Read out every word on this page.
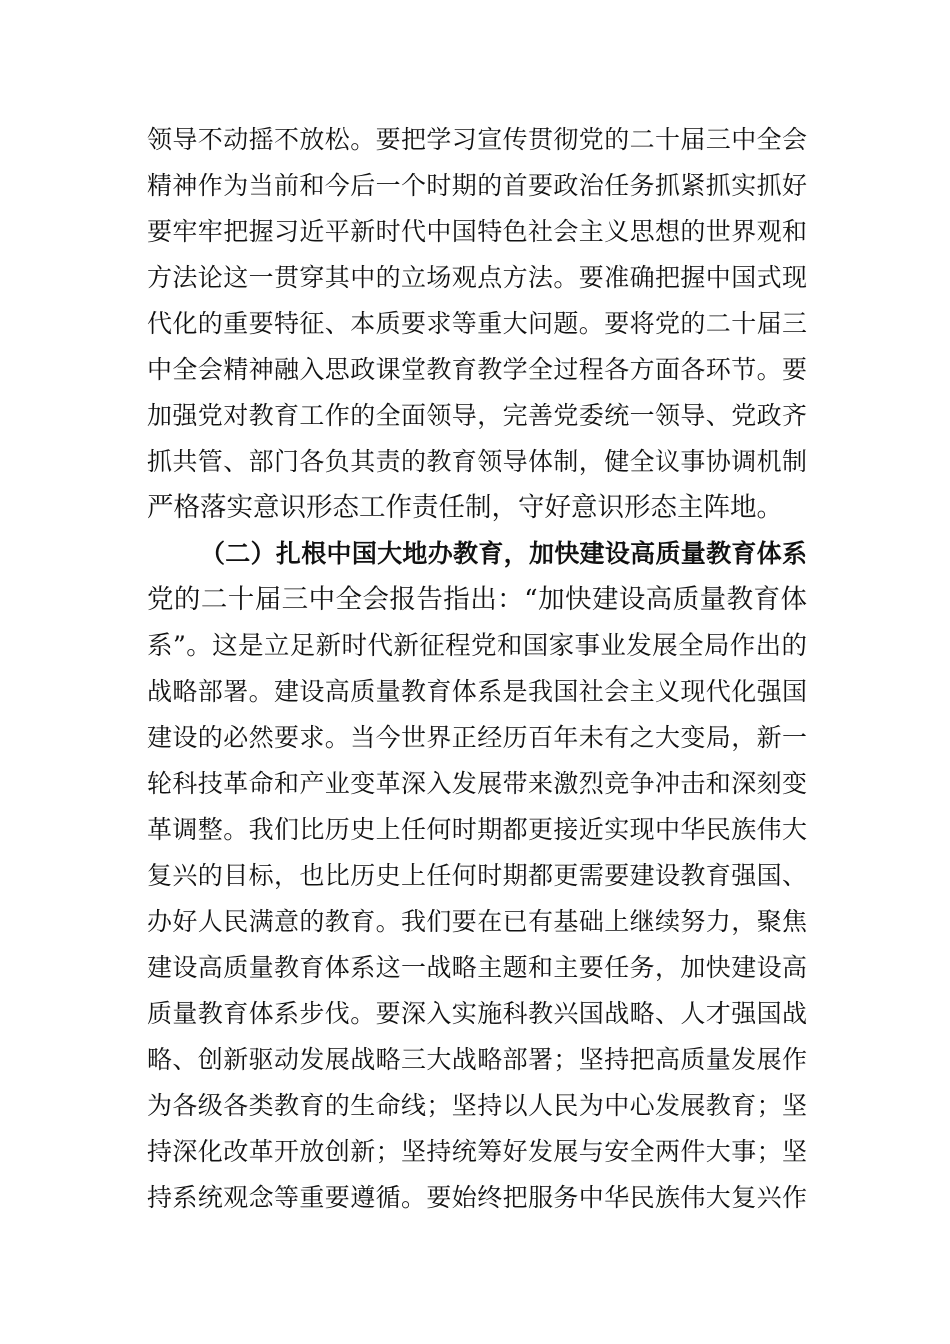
领导不动摇不放松。要把学习宣传贯彻党的二十届三中全会
精神作为当前和今后一个时期的首要政治任务抓紧抓实抓好
要牢牢把握习近平新时代中国特色社会主义思想的世界观和
方法论这一贯穿其中的立场观点方法。要准确把握中国式现
代化的重要特征、本质要求等重大问题。要将党的二十届三
中全会精神融入思政课堂教育教学全过程各方面各环节。要
加强党对教育工作的全面领导，完善党委统一领导、党政齐
抓共管、部门各负其责的教育领导体制，健全议事协调机制
严格落实意识形态工作责任制，守好意识形态主阵地。
（二）扎根中国大地办教育，加快建设高质量教育体系
党的二十届三中全会报告指出：“加快建设高质量教育体
系”。这是立足新时代新征程党和国家事业发展全局作出的
战略部署。建设高质量教育体系是我国社会主义现代化强国
建设的必然要求。当今世界正经历百年未有之大变局，新一
轮科技革命和产业变革深入发展带来激烈竞争冲击和深刻变
革调整。我们比历史上任何时期都更接近实现中华民族伟大
复兴的目标，也比历史上任何时期都更需要建设教育强国、
办好人民满意的教育。我们要在已有基础上继续努力，聚焦
建设高质量教育体系这一战略主题和主要任务，加快建设高
质量教育体系步伐。要深入实施科教兴国战略、人才强国战
略、创新驱动发展战略三大战略部署；坚持把高质量发展作
为各级各类教育的生命线；坚持以人民为中心发展教育；坚
持深化改革开放创新；坚持统筹好发展与安全两件大事；坚
持系统观念等重要遵循。要始终把服务中华民族伟大复兴作
